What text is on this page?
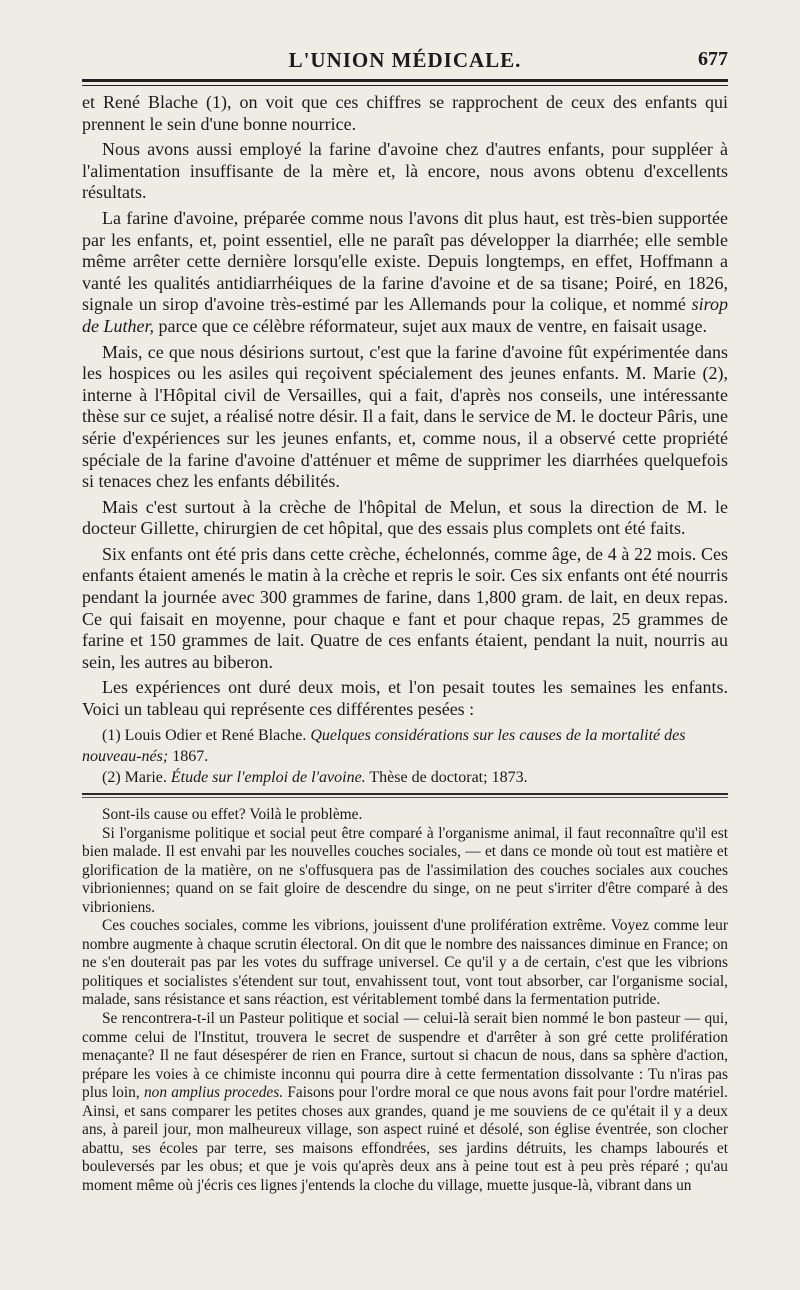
L'UNION MÉDICALE.	677

et René Blache (1), on voit que ces chiffres se rapprochent de ceux des enfants qui prennent le sein d'une bonne nourrice.

Nous avons aussi employé la farine d'avoine chez d'autres enfants, pour suppléer à l'alimentation insuffisante de la mère et, là encore, nous avons obtenu d'excellents résultats.

La farine d'avoine, préparée comme nous l'avons dit plus haut, est très-bien supportée par les enfants, et, point essentiel, elle ne paraît pas développer la diarrhée; elle semble même arrêter cette dernière lorsqu'elle existe. Depuis longtemps, en effet, Hoffmann a vanté les qualités antidiarrhéiques de la farine d'avoine et de sa tisane; Poiré, en 1826, signale un sirop d'avoine très-estimé par les Allemands pour la colique, et nommé sirop de Luther, parce que ce célèbre réformateur, sujet aux maux de ventre, en faisait usage.

Mais, ce que nous désirions surtout, c'est que la farine d'avoine fût expérimentée dans les hospices ou les asiles qui reçoivent spécialement des jeunes enfants. M. Marie (2), interne à l'Hôpital civil de Versailles, qui a fait, d'après nos conseils, une intéressante thèse sur ce sujet, a réalisé notre désir. Il a fait, dans le service de M. le docteur Pâris, une série d'expériences sur les jeunes enfants, et, comme nous, il a observé cette propriété spéciale de la farine d'avoine d'atténuer et même de supprimer les diarrhées quelquefois si tenaces chez les enfants débilités.

Mais c'est surtout à la crèche de l'hôpital de Melun, et sous la direction de M. le docteur Gillette, chirurgien de cet hôpital, que des essais plus complets ont été faits.

Six enfants ont été pris dans cette crèche, échelonnés, comme âge, de 4 à 22 mois. Ces enfants étaient amenés le matin à la crèche et repris le soir. Ces six enfants ont été nourris pendant la journée avec 300 grammes de farine, dans 1,800 gram. de lait, en deux repas. Ce qui faisait en moyenne, pour chaque e fant et pour chaque repas, 25 grammes de farine et 150 grammes de lait. Quatre de ces enfants étaient, pendant la nuit, nourris au sein, les autres au biberon.

Les expériences ont duré deux mois, et l'on pesait toutes les semaines les enfants. Voici un tableau qui représente ces différentes pesées :

(1) Louis Odier et René Blache. Quelques considérations sur les causes de la mortalité des nouveau-nés; 1867.

(2) Marie. Étude sur l'emploi de l'avoine. Thèse de doctorat; 1873.

Sont-ils cause ou effet? Voilà le problème.

Si l'organisme politique et social peut être comparé à l'organisme animal, il faut reconnaître qu'il est bien malade. Il est envahi par les nouvelles couches sociales, — et dans ce monde où tout est matière et glorification de la matière, on ne s'offusquera pas de l'assimilation des couches sociales aux couches vibrioniennes; quand on se fait gloire de descendre du singe, on ne peut s'irriter d'être comparé à des vibrioniens.

Ces couches sociales, comme les vibrions, jouissent d'une prolifération extrême. Voyez comme leur nombre augmente à chaque scrutin électoral. On dit que le nombre des naissances diminue en France; on ne s'en douterait pas par les votes du suffrage universel. Ce qu'il y a de certain, c'est que les vibrions politiques et socialistes s'étendent sur tout, envahissent tout, vont tout absorber, car l'organisme social, malade, sans résistance et sans réaction, est véritablement tombé dans la fermentation putride.

Se rencontrera-t-il un Pasteur politique et social — celui-là serait bien nommé le bon pasteur — qui, comme celui de l'Institut, trouvera le secret de suspendre et d'arrêter à son gré cette prolifération menaçante? Il ne faut désespérer de rien en France, surtout si chacun de nous, dans sa sphère d'action, prépare les voies à ce chimiste inconnu qui pourra dire à cette fermentation dissolvante : Tu n'iras pas plus loin, non amplius procedes. Faisons pour l'ordre moral ce que nous avons fait pour l'ordre matériel. Ainsi, et sans comparer les petites choses aux grandes, quand je me souviens de ce qu'était il y a deux ans, à pareil jour, mon malheureux village, son aspect ruiné et désolé, son église éventrée, son clocher abattu, ses écoles par terre, ses maisons effondrées, ses jardins détruits, les champs labourés et bouleversés par les obus; et que je vois qu'après deux ans à peine tout est à peu près réparé ; qu'au moment même où j'écris ces lignes j'entends la cloche du village, muette jusque-là, vibrant dans un
